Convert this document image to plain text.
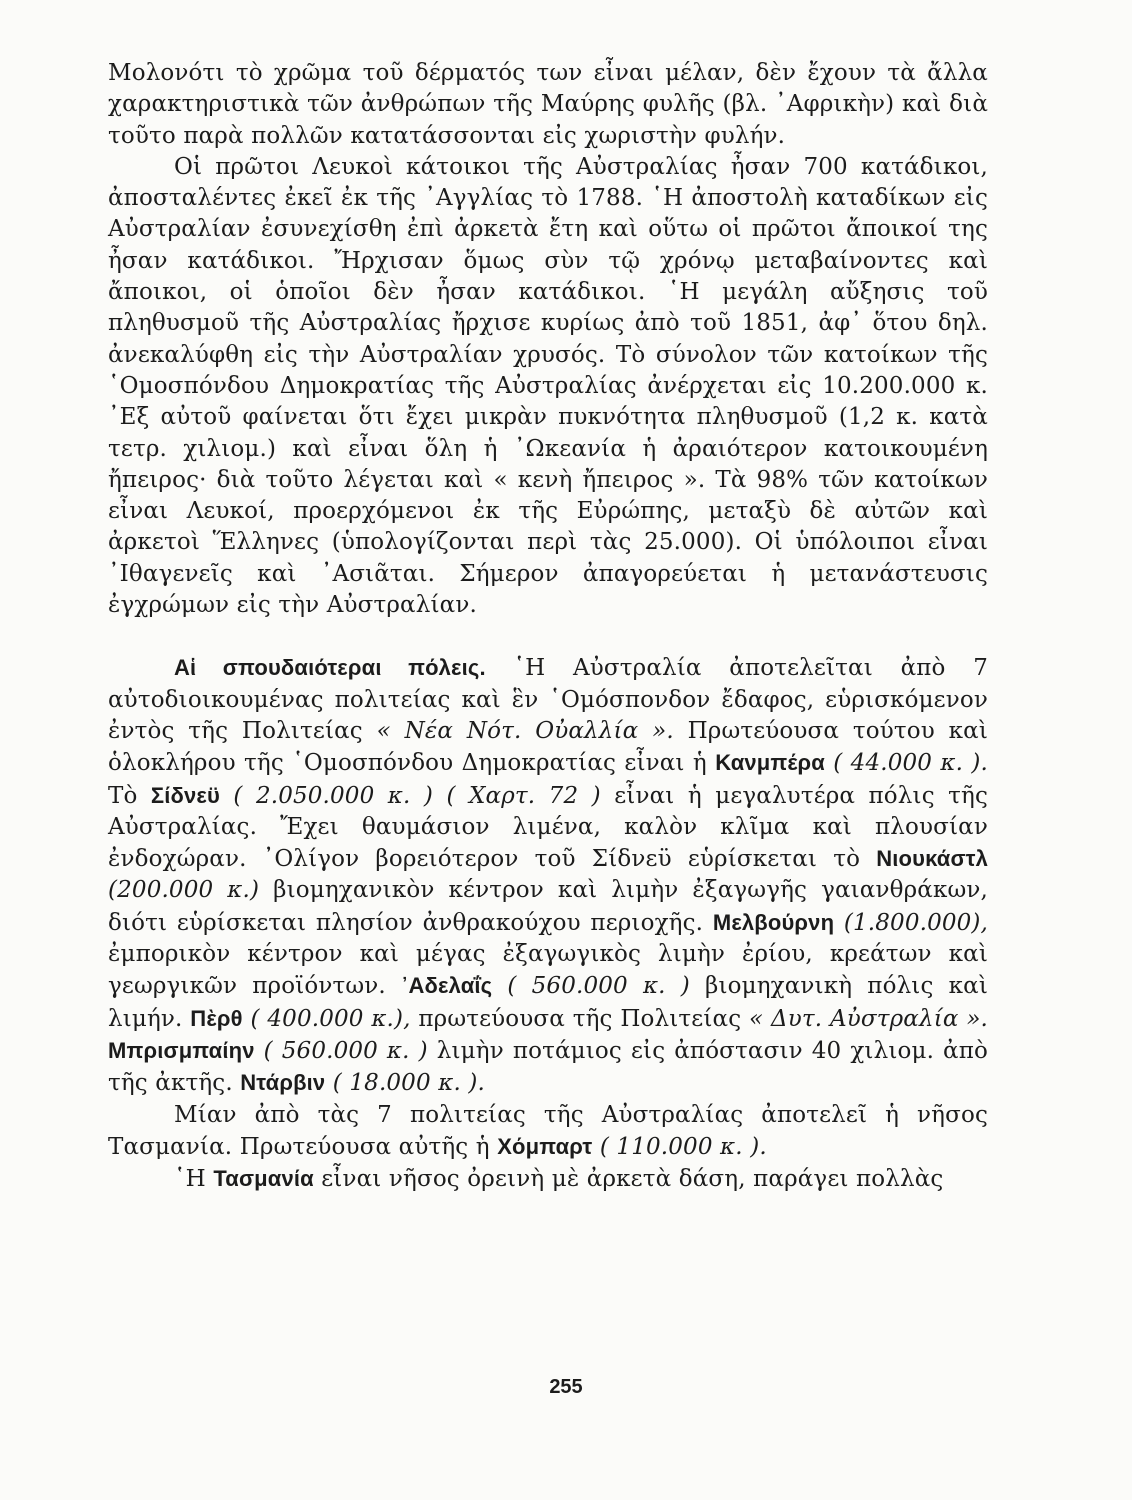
Μολονότι τὸ χρῶμα τοῦ δέρματός των εἶναι μέλαν, δὲν ἔχουν τὰ ἄλλα χαρακτηριστικὰ τῶν ἀνθρώπων τῆς Μαύρης φυλῆς (βλ. ᾿Αφρικὴν) καὶ διὰ τοῦτο παρὰ πολλῶν κατατάσσονται εἰς χωριστὴν φυλήν.

Οἱ πρῶτοι Λευκοὶ κάτοικοι τῆς Αὐστραλίας ἦσαν 700 κατάδικοι, ἀποσταλέντες ἐκεῖ ἐκ τῆς ᾿Αγγλίας τὸ 1788. ῾Η ἀποστολὴ καταδίκων εἰς Αὐστραλίαν ἐσυνεχίσθη ἐπὶ ἀρκετὰ ἔτη καὶ οὕτω οἱ πρῶτοι ἄποικοί της ἦσαν κατάδικοι. Ἤρχισαν ὅμως σὺν τῷ χρόνῳ μεταβαίνοντες καὶ ἄποικοι, οἱ ὁποῖοι δὲν ἦσαν κατάδικοι. ῾Η μεγάλη αὔξησις τοῦ πληθυσμοῦ τῆς Αὐστραλίας ἤρχισε κυρίως ἀπὸ τοῦ 1851, ἀφ᾿ ὅτου δηλ. ἀνεκαλύφθη εἰς τὴν Αὐστραλίαν χρυσός. Τὸ σύνολον τῶν κατοίκων τῆς ῾Ομοσπόνδου Δημοκρατίας τῆς Αὐστραλίας ἀνέρχεται εἰς 10.200.000 κ. ᾿Εξ αὐτοῦ φαίνεται ὅτι ἔχει μικρὰν πυκνότητα πληθυσμοῦ (1,2 κ. κατὰ τετρ. χιλιομ.) καὶ εἶναι ὅλη ἡ ᾿Ωκεανία ἡ ἀραιότερον κατοικουμένη ἤπειρος· διὰ τοῦτο λέγεται καὶ « κενὴ ἤπειρος ». Τὰ 98% τῶν κατοίκων εἶναι Λευκοί, προερχόμενοι ἐκ τῆς Εὐρώπης, μεταξὺ δὲ αὐτῶν καὶ ἀρκετοὶ Ἕλληνες (ὑπολογίζονται περὶ τὰς 25.000). Οἱ ὑπόλοιποι εἶναι ᾿Ιθαγενεῖς καὶ ᾿Ασιᾶται. Σήμερον ἀπαγορεύεται ἡ μετανάστευσις ἐγχρώμων εἰς τὴν Αὐστραλίαν.

Αἱ σπουδαιότεραι πόλεις. ῾Η Αὐστραλία ἀποτελεῖται ἀπὸ 7 αὐτοδιοικουμένας πολιτείας καὶ ἓν ῾Ομόσπονδον ἔδαφος, εὑρισκόμενον ἐντὸς τῆς Πολιτείας « Νέα Νότ. Οὐαλλία ». Πρωτεύουσα τούτου καὶ ὁλοκλήρου τῆς ῾Ομοσπόνδου Δημοκρατίας εἶναι ἡ Κανμπέρα ( 44.000 κ. ). Τὸ Σίδνεϋ ( 2.050.000 κ. ) ( Χαρτ. 72 ) εἶναι ἡ μεγαλυτέρα πόλις τῆς Αὐστραλίας. Ἔχει θαυμάσιον λιμένα, καλὸν κλῖμα καὶ πλουσίαν ἐνδοχώραν. ᾿Ολίγον βορειότερον τοῦ Σίδνεϋ εὑρίσκεται τὸ Νιουκάστλ (200.000 κ.) βιομηχανικὸν κέντρον καὶ λιμὴν ἐξαγωγῆς γαιανθράκων, διότι εὑρίσκεται πλησίον ἀνθρακούχου περιοχῆς. Μελβούρνη (1.800.000), ἐμπορικὸν κέντρον καὶ μέγας ἐξαγωγικὸς λιμὴν ἐρίου, κρεάτων καὶ γεωργικῶν προϊόντων. ᾿Αδελαΐς ( 560.000 κ. ) βιομηχανικὴ πόλις καὶ λιμήν. Πὲρθ ( 400.000 κ.), πρωτεύουσα τῆς Πολιτείας « Δυτ. Αὐστραλία ». Μπρισμπαίην ( 560.000 κ. ) λιμὴν ποτάμιος εἰς ἀπόστασιν 40 χιλιομ. ἀπὸ τῆς ἀκτῆς. Ντάρβιν ( 18.000 κ. ).

Μίαν ἀπὸ τὰς 7 πολιτείας τῆς Αὐστραλίας ἀποτελεῖ ἡ νῆσος Τασμανία. Πρωτεύουσα αὐτῆς ἡ Χόμπαρτ ( 110.000 κ. ).

῾Η Τασμανία εἶναι νῆσος ὀρεινὴ μὲ ἀρκετὰ δάση, παράγει πολλὰς

255
